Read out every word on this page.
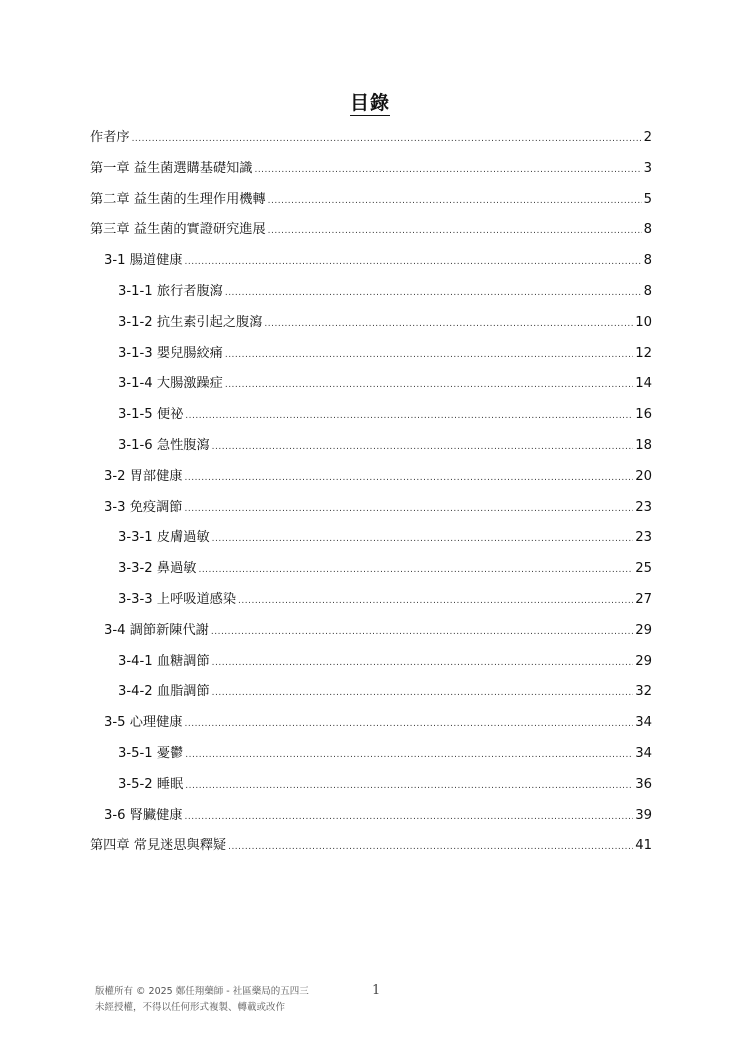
目錄
作者序 .....	2
第一章 益生菌選購基礎知識 .....	3
第二章 益生菌的生理作用機轉 .....	5
第三章 益生菌的實證研究進展 .....	8
3-1 腸道健康 .....	8
3-1-1 旅行者腹瀉 .....	8
3-1-2 抗生素引起之腹瀉 .....	10
3-1-3 嬰兒腸絞痛 .....	12
3-1-4 大腸激躁症 .....	14
3-1-5 便祕 .....	16
3-1-6 急性腹瀉 .....	18
3-2 胃部健康 .....	20
3-3 免疫調節 .....	23
3-3-1 皮膚過敏 .....	23
3-3-2 鼻過敏 .....	25
3-3-3 上呼吸道感染 .....	27
3-4 調節新陳代謝 .....	29
3-4-1 血糖調節 .....	29
3-4-2 血脂調節 .....	32
3-5 心理健康 .....	34
3-5-1 憂鬱 .....	34
3-5-2 睡眠 .....	36
3-6 腎臟健康 .....	39
第四章 常見迷思與釋疑 .....	41
版權所有 © 2025 鄭任翔藥師 - 社區藥局的五四三
未經授權，不得以任何形式複製、轉載或改作
1
